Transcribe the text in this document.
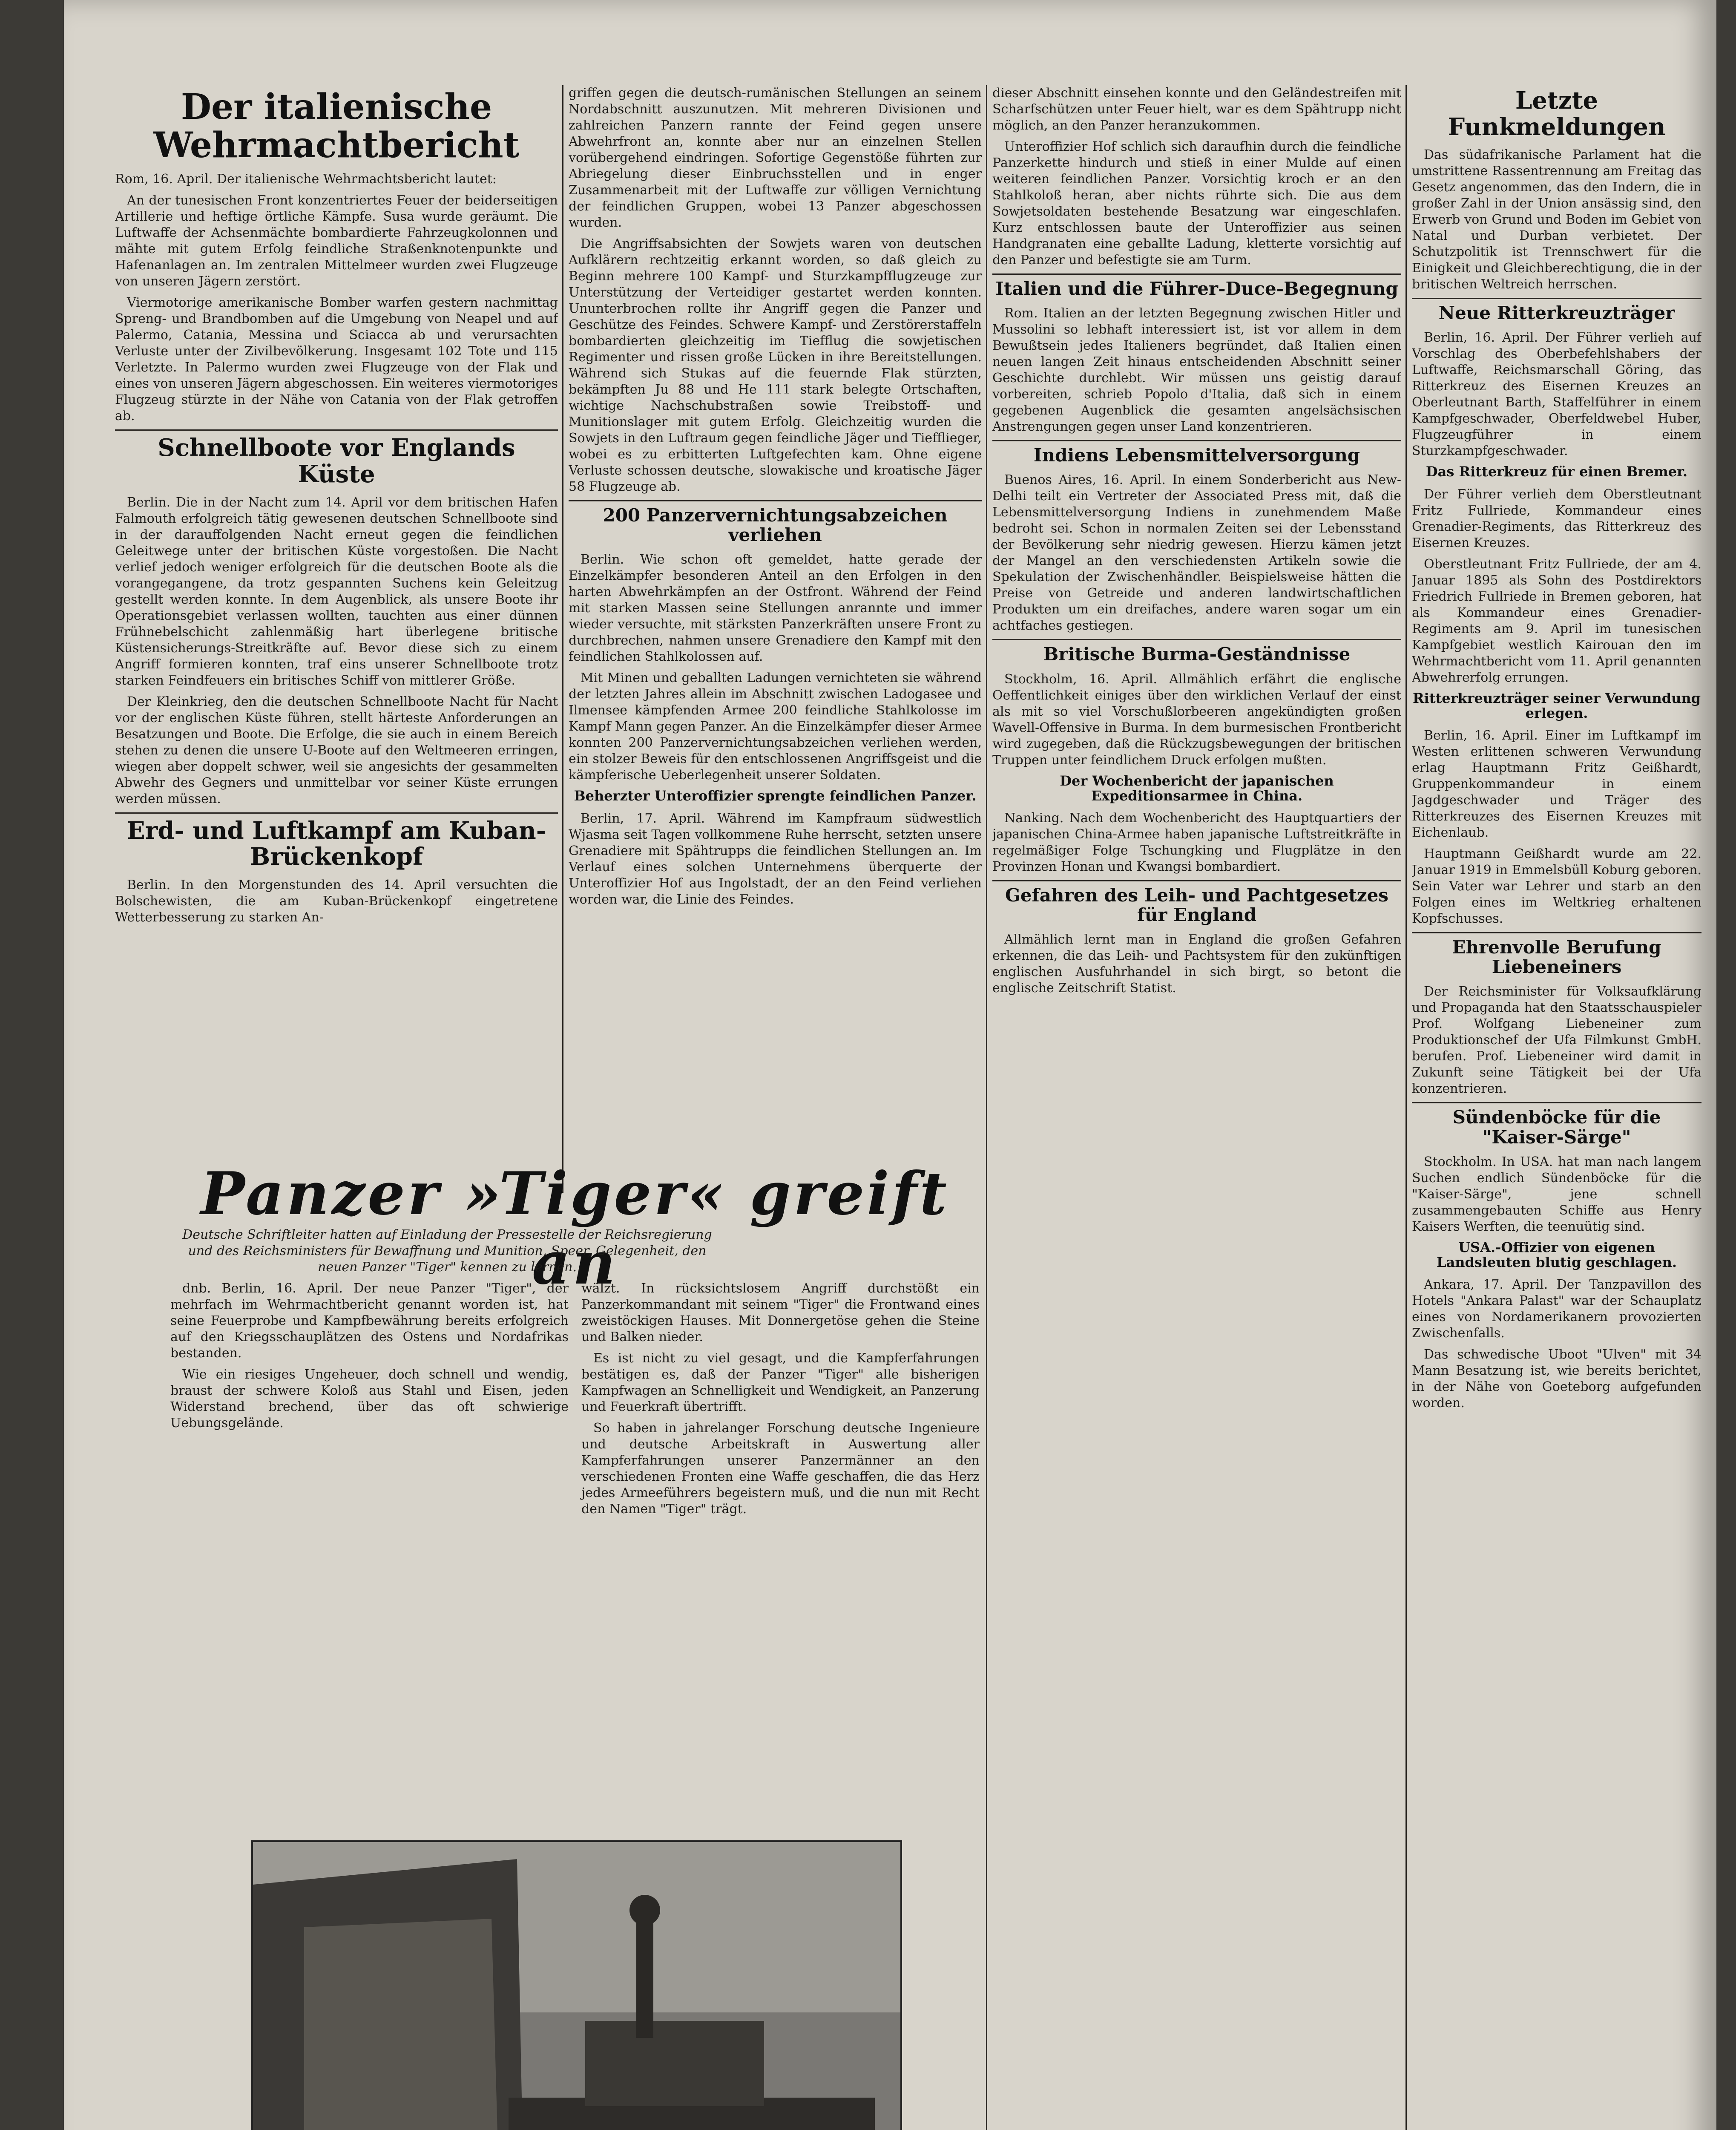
Der italienische Wehrmachtbericht

Rom, 16. April. Der italienische Wehrmachtsbericht lautet:

An der tunesischen Front konzentriertes Feuer der beiderseitigen Artillerie und heftige örtliche Kämpfe. Susa wurde geräumt. Die Luftwaffe der Achsenmächte bombardierte Fahrzeugkolonnen und mähte mit gutem Erfolg feindliche Straßenknotenpunkte und Hafenanlagen an. Im zentralen Mittelmeer wurden zwei Flugzeuge von unseren Jägern zerstört.

Viermotorige amerikanische Bomber warfen gestern nachmittag Spreng- und Brandbomben auf die Umgebung von Neapel und auf Palermo, Catania, Messina und Sciacca ab und verursachten Verluste unter der Zivilbevölkerung. Insgesamt 102 Tote und 115 Verletzte. In Palermo wurden zwei Flugzeuge von der Flak und eines von unseren Jägern abgeschossen. Ein weiteres viermotoriges Flugzeug stürzte in der Nähe von Catania von der Flak getroffen ab.

Schnellboote vor Englands Küste

Berlin. Die in der Nacht zum 14. April vor dem britischen Hafen Falmouth erfolgreich tätig gewesenen deutschen Schnellboote sind in der darauffolgenden Nacht erneut gegen die feindlichen Geleitwege unter der britischen Küste vorgestoßen. Die Nacht verlief jedoch weniger erfolgreich für die deutschen Boote als die vorangegangene, da trotz gespannten Suchens kein Geleitzug gestellt werden konnte. In dem Augenblick, als unsere Boote ihr Operationsgebiet verlassen wollten, tauchten aus einer dünnen Frühnebelschicht zahlenmäßig hart überlegene britische Küstensicherungs-Streitkräfte auf. Bevor diese sich zu einem Angriff formieren konnten, traf eins unserer Schnellboote trotz starken Feindfeuers ein britisches Schiff von mittlerer Größe.

Der Kleinkrieg, den die deutschen Schnellboote Nacht für Nacht vor der englischen Küste führen, stellt härteste Anforderungen an Besatzungen und Boote. Die Erfolge, die sie auch in einem Bereich stehen zu denen die unsere U-Boote auf den Weltmeeren erringen, wiegen aber doppelt schwer, weil sie angesichts der gesammelten Abwehr des Gegners und unmittelbar vor seiner Küste errungen werden müssen.

Erd- und Luftkampf am Kuban-Brückenkopf

Berlin. In den Morgenstunden des 14. April versuchten die Bolschewisten, die am Kuban-Brückenkopf eingetretene Wetterbesserung zu starken An-

griffen gegen die deutsch-rumänischen Stellungen an seinem Nordabschnitt auszunutzen. Mit mehreren Divisionen und zahlreichen Panzern rannte der Feind gegen unsere Abwehrfront an, konnte aber nur an einzelnen Stellen vorübergehend eindringen. Sofortige Gegenstöße führten zur Abriegelung dieser Einbruchsstellen und in enger Zusammenarbeit mit der Luftwaffe zur völligen Vernichtung der feindlichen Gruppen, wobei 13 Panzer abgeschossen wurden.

Die Angriffsabsichten der Sowjets waren von deutschen Aufklärern rechtzeitig erkannt worden, so daß gleich zu Beginn mehrere 100 Kampf- und Sturzkampfflugzeuge zur Unterstützung der Verteidiger gestartet werden konnten. Ununterbrochen rollte ihr Angriff gegen die Panzer und Geschütze des Feindes. Schwere Kampf- und Zerstörerstaffeln bombardierten gleichzeitig im Tiefflug die sowjetischen Regimenter und rissen große Lücken in ihre Bereitstellungen. Während sich Stukas auf die feuernde Flak stürzten, bekämpften Ju 88 und He 111 stark belegte Ortschaften, wichtige Nachschubstraßen sowie Treibstoff- und Munitionslager mit gutem Erfolg. Gleichzeitig wurden die Sowjets in den Luftraum gegen feindliche Jäger und Tiefflieger, wobei es zu erbitterten Luftgefechten kam. Ohne eigene Verluste schossen deutsche, slowakische und kroatische Jäger 58 Flugzeuge ab.

200 Panzervernichtungsabzeichen verliehen

Berlin. Wie schon oft gemeldet, hatte gerade der Einzelkämpfer besonderen Anteil an den Erfolgen in den harten Abwehrkämpfen an der Ostfront. Während der Feind mit starken Massen seine Stellungen anrannte und immer wieder versuchte, mit stärksten Panzerkräften unsere Front zu durchbrechen, nahmen unsere Grenadiere den Kampf mit den feindlichen Stahlkolossen auf.

Mit Minen und geballten Ladungen vernichteten sie während der letzten Jahres allein im Abschnitt zwischen Ladogasee und Ilmensee kämpfenden Armee 200 feindliche Stahlkolosse im Kampf Mann gegen Panzer. An die Einzelkämpfer dieser Armee konnten 200 Panzervernichtungsabzeichen verliehen werden, ein stolzer Beweis für den entschlossenen Angriffsgeist und die kämpferische Ueberlegenheit unserer Soldaten.

Beherzter Unteroffizier sprengte feindlichen Panzer.

Berlin, 17. April. Während im Kampfraum südwestlich Wjasma seit Tagen vollkommene Ruhe herrscht, setzten unsere Grenadiere mit Spähtrupps die feindlichen Stellungen an. Im Verlauf eines solchen Unternehmens überquerte der Unteroffizier Hof aus Ingolstadt, der an den Feind verliehen worden war, die Linie des Feindes.

Panzer »Tiger« greift an

Deutsche Schriftleiter hatten auf Einladung der Pressestelle der Reichsregierung und des Reichsministers für Bewaffnung und Munition, Speer, Gelegenheit, den neuen Panzer "Tiger" kennen zu lernen.

dnb. Berlin, 16. April. Der neue Panzer "Tiger", der mehrfach im Wehrmachtbericht genannt worden ist, hat seine Feuerprobe und Kampfbewährung bereits erfolgreich auf den Kriegsschauplätzen des Ostens und Nordafrikas bestanden.

Wie ein riesiges Ungeheuer, doch schnell und wendig, braust der schwere Koloß aus Stahl und Eisen, jeden Widerstand brechend, über das oft schwierige Uebungsgelände.

wälzt. In rücksichtslosem Angriff durchstößt ein Panzerkommandant mit seinem "Tiger" die Frontwand eines zweistöckigen Hauses. Mit Donnergetöse gehen die Steine und Balken nieder.

Es ist nicht zu viel gesagt, und die Kampferfahrungen bestätigen es, daß der Panzer "Tiger" alle bisherigen Kampfwagen an Schnelligkeit und Wendigkeit, an Panzerung und Feuerkraft übertrifft.

So haben in jahrelanger Forschung deutsche Ingenieure und deutsche Arbeitskraft in Auswertung aller Kampferfahrungen unserer Panzermänner an den verschiedenen Fronten eine Waffe geschaffen, die das Herz jedes Armeeführers begeistern muß, und die nun mit Recht den Namen "Tiger" trägt.

dieser Abschnitt einsehen konnte und den Geländestreifen mit Scharfschützen unter Feuer hielt, war es dem Spähtrupp nicht möglich, an den Panzer heranzukommen.

Unteroffizier Hof schlich sich daraufhin durch die feindliche Panzerkette hindurch und stieß in einer Mulde auf einen weiteren feindlichen Panzer. Vorsichtig kroch er an den Stahlkoloß heran, aber nichts rührte sich. Die aus dem Sowjetsoldaten bestehende Besatzung war eingeschlafen. Kurz entschlossen baute der Unteroffizier aus seinen Handgranaten eine geballte Ladung, kletterte vorsichtig auf den Panzer und befestigte sie am Turm.

Italien und die Führer-Duce-Begegnung

Rom. Italien an der letzten Begegnung zwischen Hitler und Mussolini so lebhaft interessiert ist, ist vor allem in dem Bewußtsein jedes Italieners begründet, daß Italien einen neuen langen Zeit hinaus entscheidenden Abschnitt seiner Geschichte durchlebt. Wir müssen uns geistig darauf vorbereiten, schrieb Popolo d'Italia, daß sich in einem gegebenen Augenblick die gesamten angelsächsischen Anstrengungen gegen unser Land konzentrieren.

Indiens Lebensmittelversorgung

Buenos Aires, 16. April. In einem Sonderbericht aus New-Delhi teilt ein Vertreter der Associated Press mit, daß die Lebensmittelversorgung Indiens in zunehmendem Maße bedroht sei. Schon in normalen Zeiten sei der Lebensstand der Bevölkerung sehr niedrig gewesen. Hierzu kämen jetzt der Mangel an den verschiedensten Artikeln sowie die Spekulation der Zwischenhändler. Beispielsweise hätten die Preise von Getreide und anderen landwirtschaftlichen Produkten um ein dreifaches, andere waren sogar um ein achtfaches gestiegen.

Britische Burma-Geständnisse

Stockholm, 16. April. Allmählich erfährt die englische Oeffentlichkeit einiges über den wirklichen Verlauf der einst als mit so viel Vorschußlorbeeren angekündigten großen Wavell-Offensive in Burma. In dem burmesischen Frontbericht wird zugegeben, daß die Rückzugsbewegungen der britischen Truppen unter feindlichem Druck erfolgen mußten.

Der Wochenbericht der japanischen Expeditionsarmee in China.

Nanking. Nach dem Wochenbericht des Hauptquartiers der japanischen China-Armee haben japanische Luftstreitkräfte in regelmäßiger Folge Tschungking und Flugplätze in den Provinzen Honan und Kwangsi bombardiert.

Gefahren des Leih- und Pachtgesetzes für England

Allmählich lernt man in England die großen Gefahren erkennen, die das Leih- und Pachtsystem für den zukünftigen englischen Ausfuhrhandel in sich birgt, so betont die englische Zeitschrift Statist.

Letzte Funkmeldungen

Das südafrikanische Parlament hat die umstrittene Rassentrennung am Freitag das Gesetz angenommen, das den Indern, die in großer Zahl in der Union ansässig sind, den Erwerb von Grund und Boden im Gebiet von Natal und Durban verbietet. Der Schutzpolitik ist Trennschwert für die Einigkeit und Gleichberechtigung, die in der britischen Weltreich herrschen.

Neue Ritterkreuzträger

Berlin, 16. April. Der Führer verlieh auf Vorschlag des Oberbefehlshabers der Luftwaffe, Reichsmarschall Göring, das Ritterkreuz des Eisernen Kreuzes an Oberleutnant Barth, Staffelführer in einem Kampfgeschwader, Oberfeldwebel Huber, Flugzeugführer in einem Sturzkampfgeschwader.

Das Ritterkreuz für einen Bremer.

Der Führer verlieh dem Oberstleutnant Fritz Fullriede, Kommandeur eines Grenadier-Regiments, das Ritterkreuz des Eisernen Kreuzes.

Oberstleutnant Fritz Fullriede, der am 4. Januar 1895 als Sohn des Postdirektors Friedrich Fullriede in Bremen geboren, hat als Kommandeur eines Grenadier-Regiments am 9. April im tunesischen Kampfgebiet westlich Kairouan den im Wehrmachtbericht vom 11. April genannten Abwehrerfolg errungen.

Ritterkreuzträger seiner Verwundung erlegen.

Berlin, 16. April. Einer im Luftkampf im Westen erlittenen schweren Verwundung erlag Hauptmann Fritz Geißhardt, Gruppenkommandeur in einem Jagdgeschwader und Träger des Ritterkreuzes des Eisernen Kreuzes mit Eichenlaub.

Hauptmann Geißhardt wurde am 22. Januar 1919 in Emmelsbüll Koburg geboren. Sein Vater war Lehrer und starb an den Folgen eines im Weltkrieg erhaltenen Kopfschusses.

Ehrenvolle Berufung Liebeneiners

Der Reichsminister für Volksaufklärung und Propaganda hat den Staatsschauspieler Prof. Wolfgang Liebeneiner zum Produktionschef der Ufa Filmkunst GmbH. berufen. Prof. Liebeneiner wird damit in Zukunft seine Tätigkeit bei der Ufa konzentrieren.

Sündenböcke für die "Kaiser-Särge"

Stockholm. In USA. hat man nach langem Suchen endlich Sündenböcke für die "Kaiser-Särge", jene schnell zusammengebauten Schiffe aus Henry Kaisers Werften, die teenuütig sind.

USA.-Offizier von eigenen Landsleuten blutig geschlagen.

Ankara, 17. April. Der Tanzpavillon des Hotels "Ankara Palast" war der Schauplatz eines von Nordamerikanern provozierten Zwischenfalls.

Das schwedische Uboot "Ulven" mit 34 Mann Besatzung ist, wie bereits berichtet, in der Nähe von Goeteborg aufgefunden worden.
